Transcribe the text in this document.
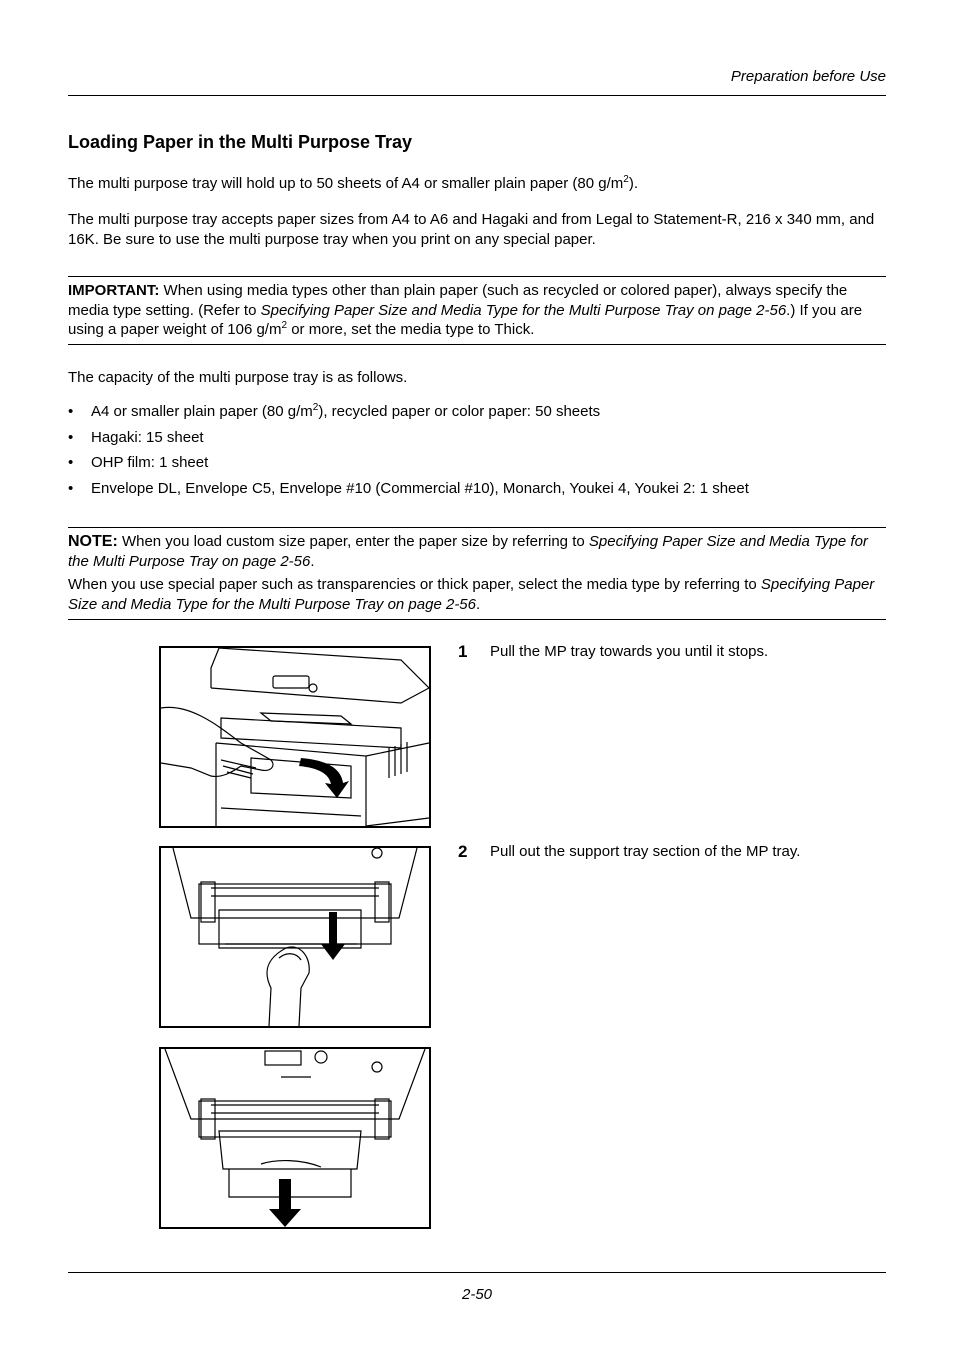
Preparation before Use
Loading Paper in the Multi Purpose Tray
The multi purpose tray will hold up to 50 sheets of A4 or smaller plain paper (80 $g/m^2$).
The multi purpose tray accepts paper sizes from A4 to A6 and Hagaki and from Legal to Statement-R, 216 x 340 mm, and 16K. Be sure to use the multi purpose tray when you print on any special paper.
IMPORTANT: When using media types other than plain paper (such as recycled or colored paper), always specify the media type setting. (Refer to Specifying Paper Size and Media Type for the Multi Purpose Tray on page 2-56.) If you are using a paper weight of 106 $g/m^2$ or more, set the media type to Thick.
The capacity of the multi purpose tray is as follows.
• A4 or smaller plain paper (80 $g/m^2$), recycled paper or color paper: 50 sheets
• Hagaki: 15 sheet
• OHP film: 1 sheet
• Envelope DL, Envelope C5, Envelope #10 (Commercial #10), Monarch, Youkei 4, Youkei 2: 1 sheet
NOTE: When you load custom size paper, enter the paper size by referring to Specifying Paper Size and Media Type for the Multi Purpose Tray on page 2-56.
When you use special paper such as transparencies or thick paper, select the media type by referring to Specifying Paper Size and Media Type for the Multi Purpose Tray on page 2-56.
1 Pull the MP tray towards you until it stops.
2 Pull out the support tray section of the MP tray.
2-50
